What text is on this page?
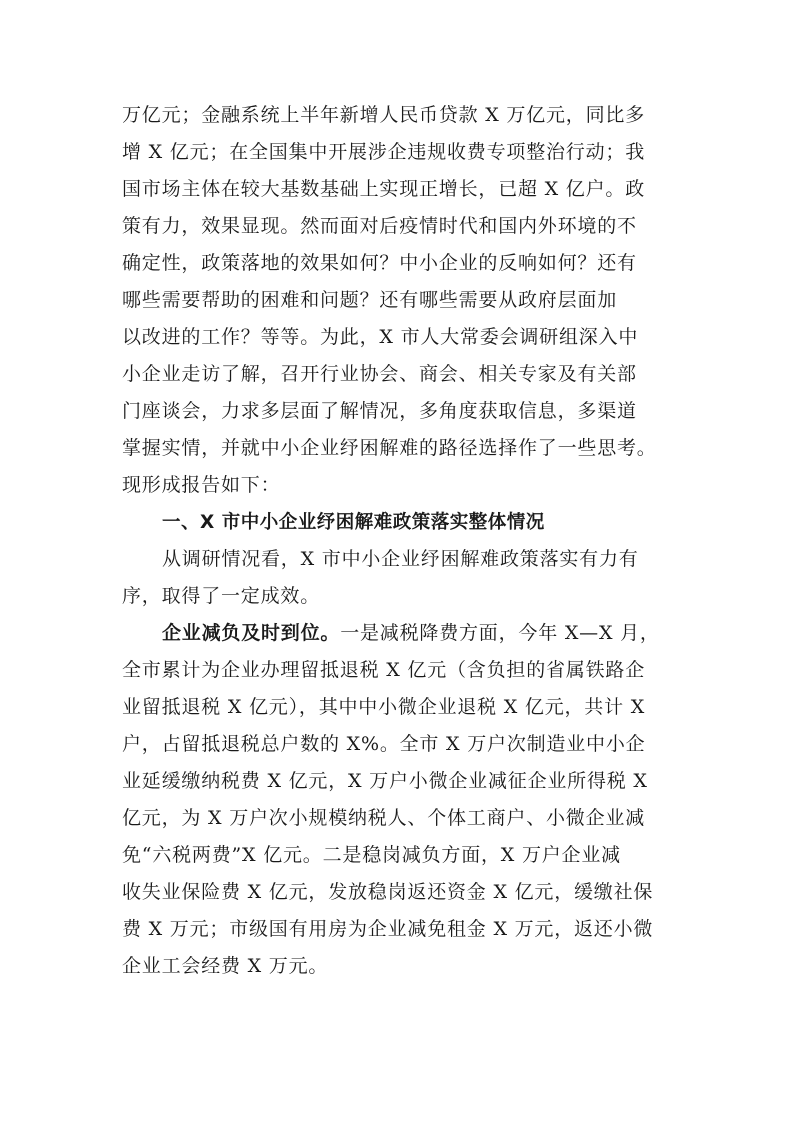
万亿元；金融系统上半年新增人民币贷款 X 万亿元，同比多
增 X 亿元；在全国集中开展涉企违规收费专项整治行动；我
国市场主体在较大基数基础上实现正增长，已超 X 亿户。政
策有力，效果显现。然而面对后疫情时代和国内外环境的不
确定性，政策落地的效果如何？中小企业的反响如何？还有
哪些需要帮助的困难和问题？还有哪些需要从政府层面加
以改进的工作？等等。为此，X 市人大常委会调研组深入中
小企业走访了解，召开行业协会、商会、相关专家及有关部
门座谈会，力求多层面了解情况，多角度获取信息，多渠道
掌握实情，并就中小企业纾困解难的路径选择作了一些思考。
现形成报告如下：
一、X 市中小企业纾困解难政策落实整体情况
从调研情况看，X 市中小企业纾困解难政策落实有力有
序，取得了一定成效。
企业减负及时到位。一是减税降费方面，今年 X—X 月，
全市累计为企业办理留抵退税 X 亿元（含负担的省属铁路企
业留抵退税 X 亿元），其中中小微企业退税 X 亿元，共计 X
户，占留抵退税总户数的 X%。全市 X 万户次制造业中小企
业延缓缴纳税费 X 亿元，X 万户小微企业减征企业所得税 X
亿元，为 X 万户次小规模纳税人、个体工商户、小微企业减
免“六税两费”X 亿元。二是稳岗减负方面，X 万户企业减
收失业保险费 X 亿元，发放稳岗返还资金 X 亿元，缓缴社保
费 X 万元；市级国有用房为企业减免租金 X 万元，返还小微
企业工会经费 X 万元。
